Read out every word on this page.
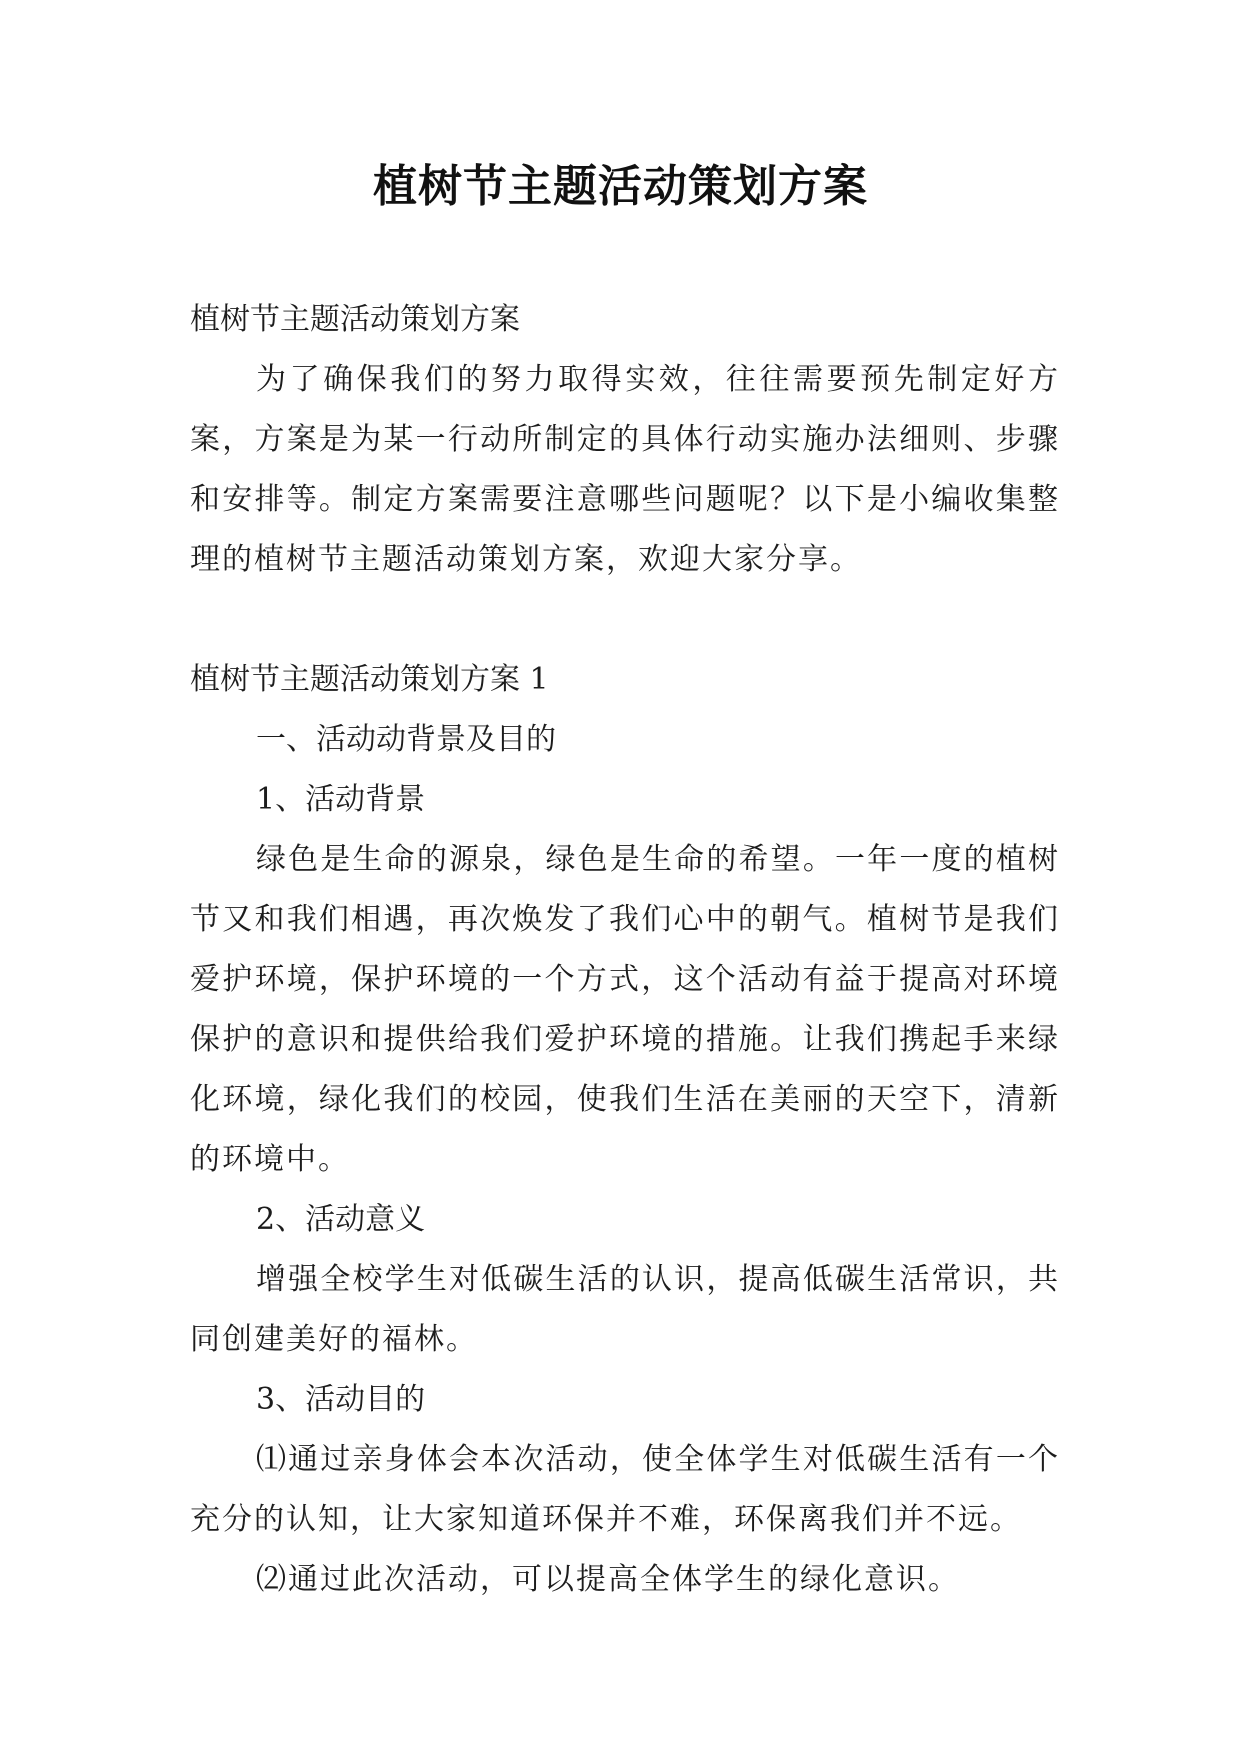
植树节主题活动策划方案

植树节主题活动策划方案

为了确保我们的努力取得实效，往往需要预先制定好方案，方案是为某一行动所制定的具体行动实施办法细则、步骤和安排等。制定方案需要注意哪些问题呢？以下是小编收集整理的植树节主题活动策划方案，欢迎大家分享。

植树节主题活动策划方案 1

一、活动动背景及目的

1、活动背景

绿色是生命的源泉，绿色是生命的希望。一年一度的植树节又和我们相遇，再次焕发了我们心中的朝气。植树节是我们爱护环境，保护环境的一个方式，这个活动有益于提高对环境保护的意识和提供给我们爱护环境的措施。让我们携起手来绿化环境，绿化我们的校园，使我们生活在美丽的天空下，清新的环境中。

2、活动意义

增强全校学生对低碳生活的认识，提高低碳生活常识，共同创建美好的福林。

3、活动目的

⑴通过亲身体会本次活动，使全体学生对低碳生活有一个充分的认知，让大家知道环保并不难，环保离我们并不远。

⑵通过此次活动，可以提高全体学生的绿化意识。
